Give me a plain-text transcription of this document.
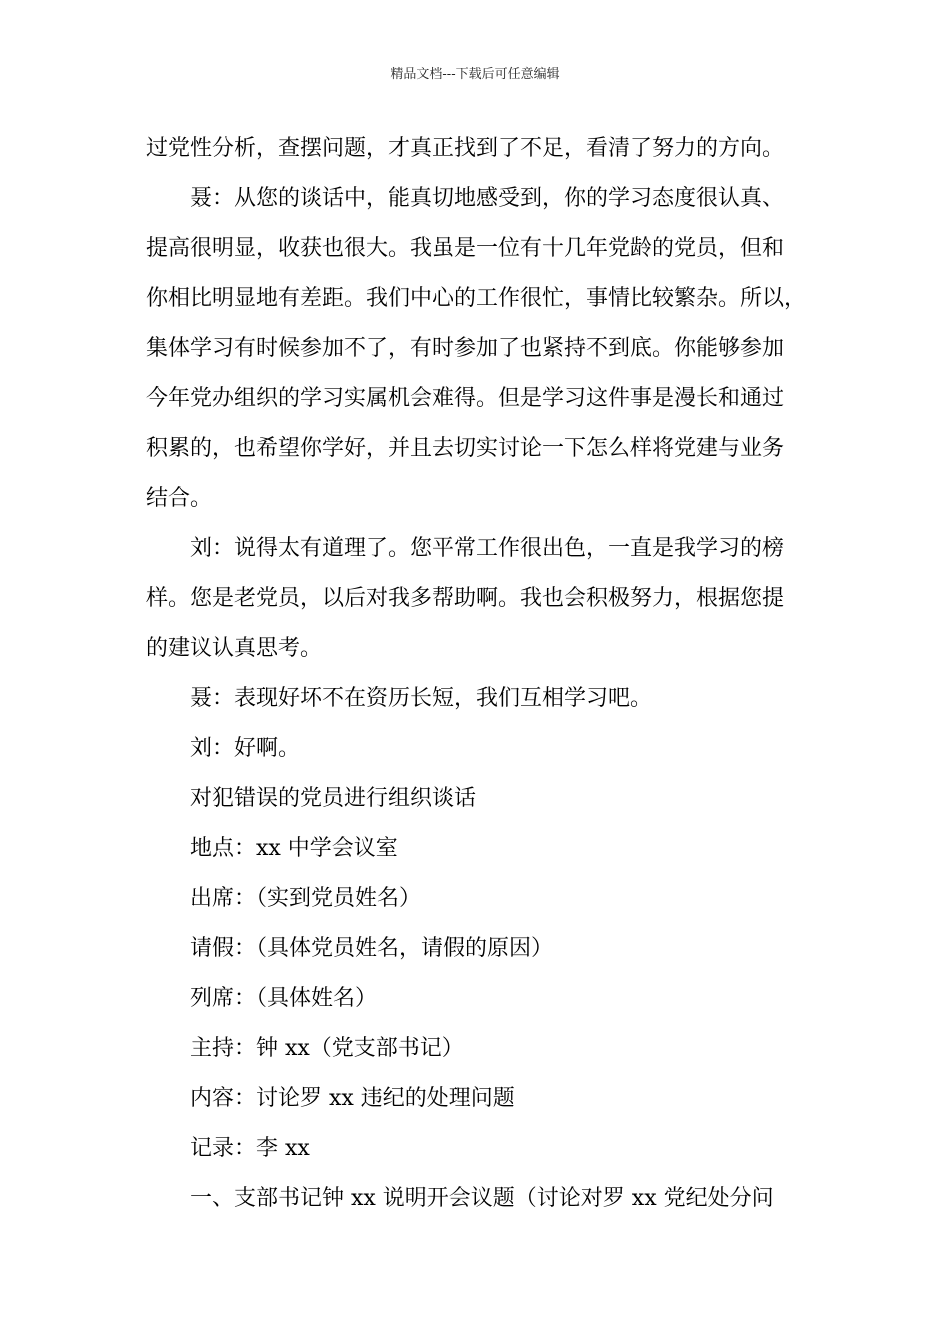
精品文档---下载后可任意编辑
过党性分析，查摆问题，才真正找到了不足，看清了努力的方向。
聂：从您的谈话中，能真切地感受到，你的学习态度很认真、
提高很明显，收获也很大。我虽是一位有十几年党龄的党员，但和
你相比明显地有差距。我们中心的工作很忙，事情比较繁杂。所以，
集体学习有时候参加不了，有时参加了也紧持不到底。你能够参加
今年党办组织的学习实属机会难得。但是学习这件事是漫长和通过
积累的，也希望你学好，并且去切实讨论一下怎么样将党建与业务
结合。
刘：说得太有道理了。您平常工作很出色，一直是我学习的榜
样。您是老党员，以后对我多帮助啊。我也会积极努力，根据您提
的建议认真思考。
聂：表现好坏不在资历长短，我们互相学习吧。
刘：好啊。
对犯错误的党员进行组织谈话
地点：xx 中学会议室
出席：（实到党员姓名）
请假：（具体党员姓名，请假的原因）
列席：（具体姓名）
主持：钟 xx（党支部书记）
内容：讨论罗 xx 违纪的处理问题
记录：李 xx
一、支部书记钟 xx 说明开会议题（讨论对罗 xx 党纪处分问
